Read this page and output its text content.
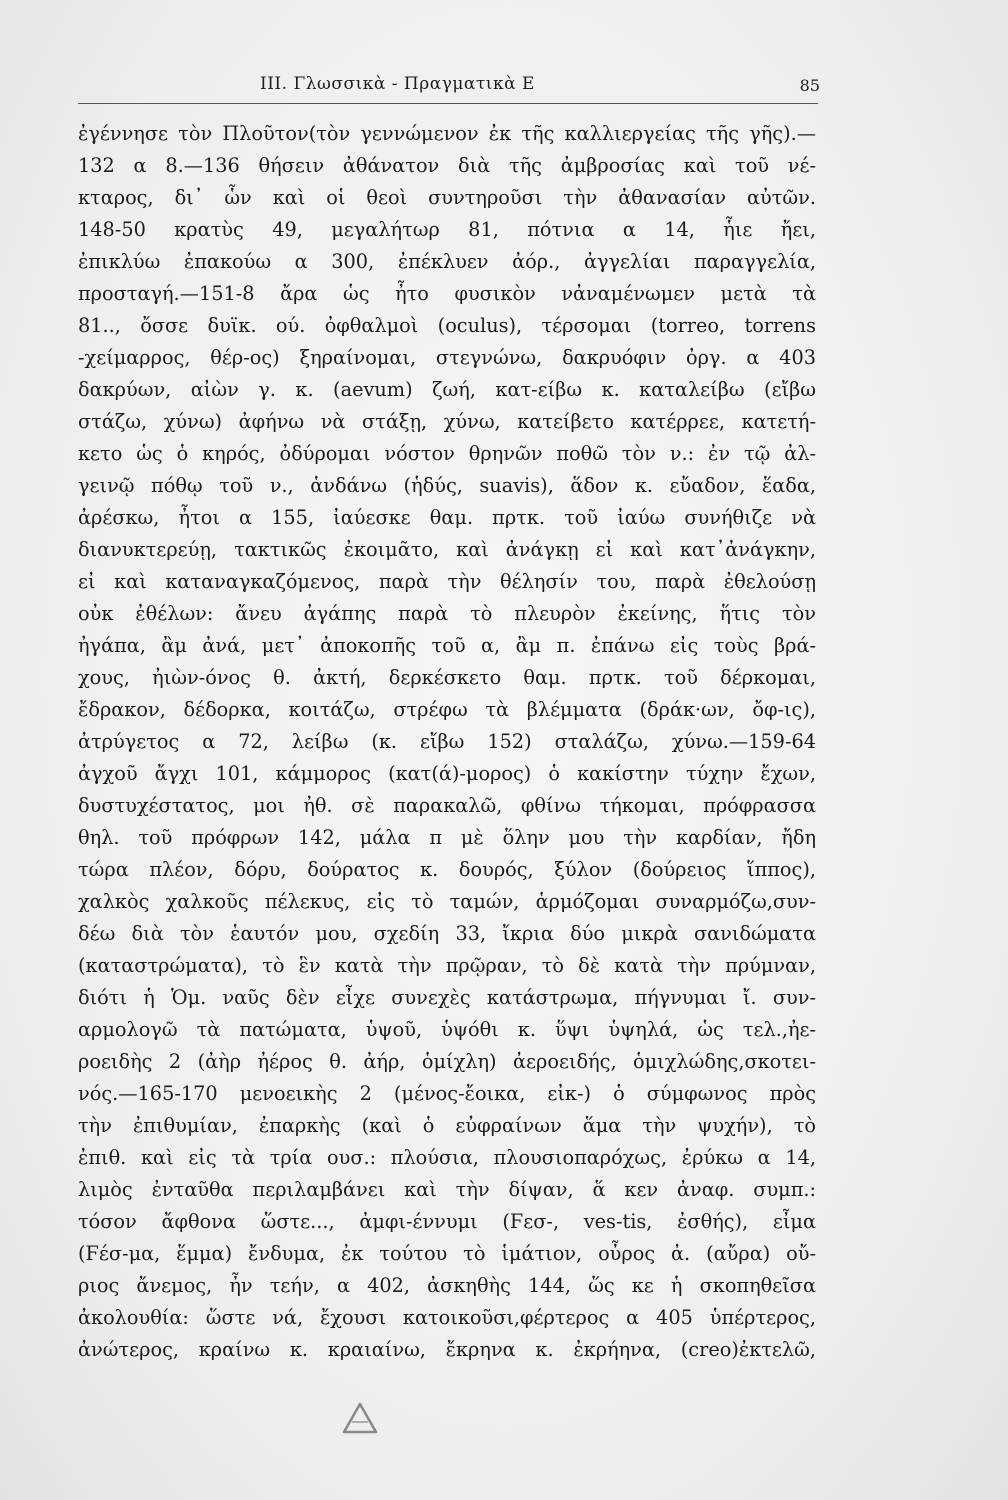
III. Γλωσσικὰ - Πραγματικὰ Ε	85
ἐγέννησε τὸν Πλοῦτον(τὸν γεννώμενον ἐκ τῆς καλλιεργείας τῆς γῆς).—
132 α 8.—136 θήσειν ἀθάνατον διὰ τῆς ἀμβροσίας καὶ τοῦ νέ-
κταρος, δι᾿ ὧν καὶ οἱ θεοὶ συντηροῦσι τὴν ἀθανασίαν αὐτῶν.
148-50 κρατὺς 49, μεγαλήτωρ 81, πότνια α 14, ἧιε ἤει,
ἐπικλύω ἐπακούω α 300, ἐπέκλυεν ἀόρ., ἀγγελίαι παραγγελία,
προσταγή.—151-8 ἄρα ὡς ἦτο φυσικὸν νἀναμένωμεν μετὰ τὰ
81.., ὄσσε δυϊκ. ού. ὀφθαλμοὶ (oculus), τέρσομαι (torreo, torrens
-χείμαρρος, θέρ-ος) ξηραίνομαι, στεγνώνω, δακρυόφιν ὀργ. α 403
δακρύων, αἰὼν γ. κ. (aevum) ζωή, κατ-είβω κ. καταλείβω (εἴβω
στάζω, χύνω) ἀφήνω νὰ στάξῃ, χύνω, κατείβετο κατέρρεε, κατετή-
κετο ὡς ὁ κηρός, ὀδύρομαι νόστον θρηνῶν ποθῶ τὸν ν.: ἐν τῷ ἀλ-
γεινῷ πόθῳ τοῦ ν., ἁνδάνω (ἡδύς, suavis), ἅδον κ. εὔαδον, ἕαδα,
ἀρέσκω, ἦτοι α 155, ἰαύεσκε θαμ. πρτκ. τοῦ ἰαύω συνήθιζε νὰ
διανυκτερεύῃ, τακτικῶς ἐκοιμᾶτο, καὶ ἀνάγκῃ εἰ καὶ κατ᾿ἀνάγκην,
εἰ καὶ καταναγκαζόμενος, παρὰ τὴν θέλησίν του, παρὰ ἐθελούσῃ
οὐκ ἐθέλων: ἄνευ ἀγάπης παρὰ τὸ πλευρὸν ἐκείνης, ἥτις τὸν
ἠγάπα, ἂμ ἀνά, μετ᾿ ἀποκοπῆς τοῦ α, ἂμ π. ἐπάνω εἰς τοὺς βρά-
χους, ἠιὼν-όνος θ. ἀκτή, δερκέσκετο θαμ. πρτκ. τοῦ δέρκομαι,
ἔδρακον, δέδορκα, κοιτάζω, στρέφω τὰ βλέμματα (δράκ·ων, ὄφ-ις),
ἀτρύγετος α 72, λείβω (κ. εἴβω 152) σταλάζω, χύνω.—159-64
ἀγχοῦ ἄγχι 101, κάμμορος (κατ(ά)-μορος) ὁ κακίστην τύχην ἔχων,
δυστυχέστατος, μοι ἠθ. σὲ παρακαλῶ, φθίνω τήκομαι, πρόφρασσα
θηλ. τοῦ πρόφρων 142, μάλα π μὲ ὅλην μου τὴν καρδίαν, ἤδη
τώρα πλέον, δόρυ, δούρατος κ. δουρός, ξύλον (δούρειος ἵππος),
χαλκὸς χαλκοῦς πέλεκυς, εἰς τὸ ταμών, ἁρμόζομαι συναρμόζω,συν-
δέω διὰ τὸν ἑαυτόν μου, σχεδίη 33, ἴκρια δύο μικρὰ σανιδώματα
(καταστρώματα), τὸ ἓν κατὰ τὴν πρῷραν, τὸ δὲ κατὰ τὴν πρύμναν,
διότι ἡ Ὁμ. ναῦς δὲν εἶχε συνεχὲς κατάστρωμα, πήγνυμαι ἴ. συν-
αρμολογῶ τὰ πατώματα, ὑψοῦ, ὑψόθι κ. ὕψι ὑψηλά, ὡς τελ.,ἠε-
ροειδὴς 2 (ἀὴρ ἠέρος θ. ἀήρ, ὁμίχλη) ἀεροειδής, ὁμιχλώδης,σκοτει-
νός.—165-170 μενοεικὴς 2 (μένος-ἔοικα, εἰκ-) ὁ σύμφωνος πρὸς
τὴν ἐπιθυμίαν, ἐπαρκὴς (καὶ ὁ εὐφραίνων ἅμα τὴν ψυχήν), τὸ
ἐπιθ. καὶ εἰς τὰ τρία ουσ.: πλούσια, πλουσιοπαρόχως, ἐρύκω α 14,
λιμὸς ἐνταῦθα περιλαμβάνει καὶ τὴν δίψαν, ἅ κεν ἀναφ. συμπ.:
τόσον ἄφθονα ὥστε..., ἀμφι-έννυμι (Ϝεσ-, ves-tis, ἐσθής), εἶμα
(Ϝέσ-μα, ἕμμα) ἔνδυμα, ἐκ τούτου τὸ ἱμάτιον, οὖρος ἀ. (αὔρα) οὔ-
ριος ἄνεμος, ἦν τεήν, α 402, ἀσκηθὴς 144, ὥς κε ἡ σκοπηθεῖσα
ἀκολουθία: ὥστε νά, ἔχουσι κατοικοῦσι,φέρτερος α 405 ὑπέρτερος,
ἀνώτερος, κραίνω κ. κραιαίνω, ἔκρηνα κ. ἐκρήηνα, (creo)ἐκτελῶ,
